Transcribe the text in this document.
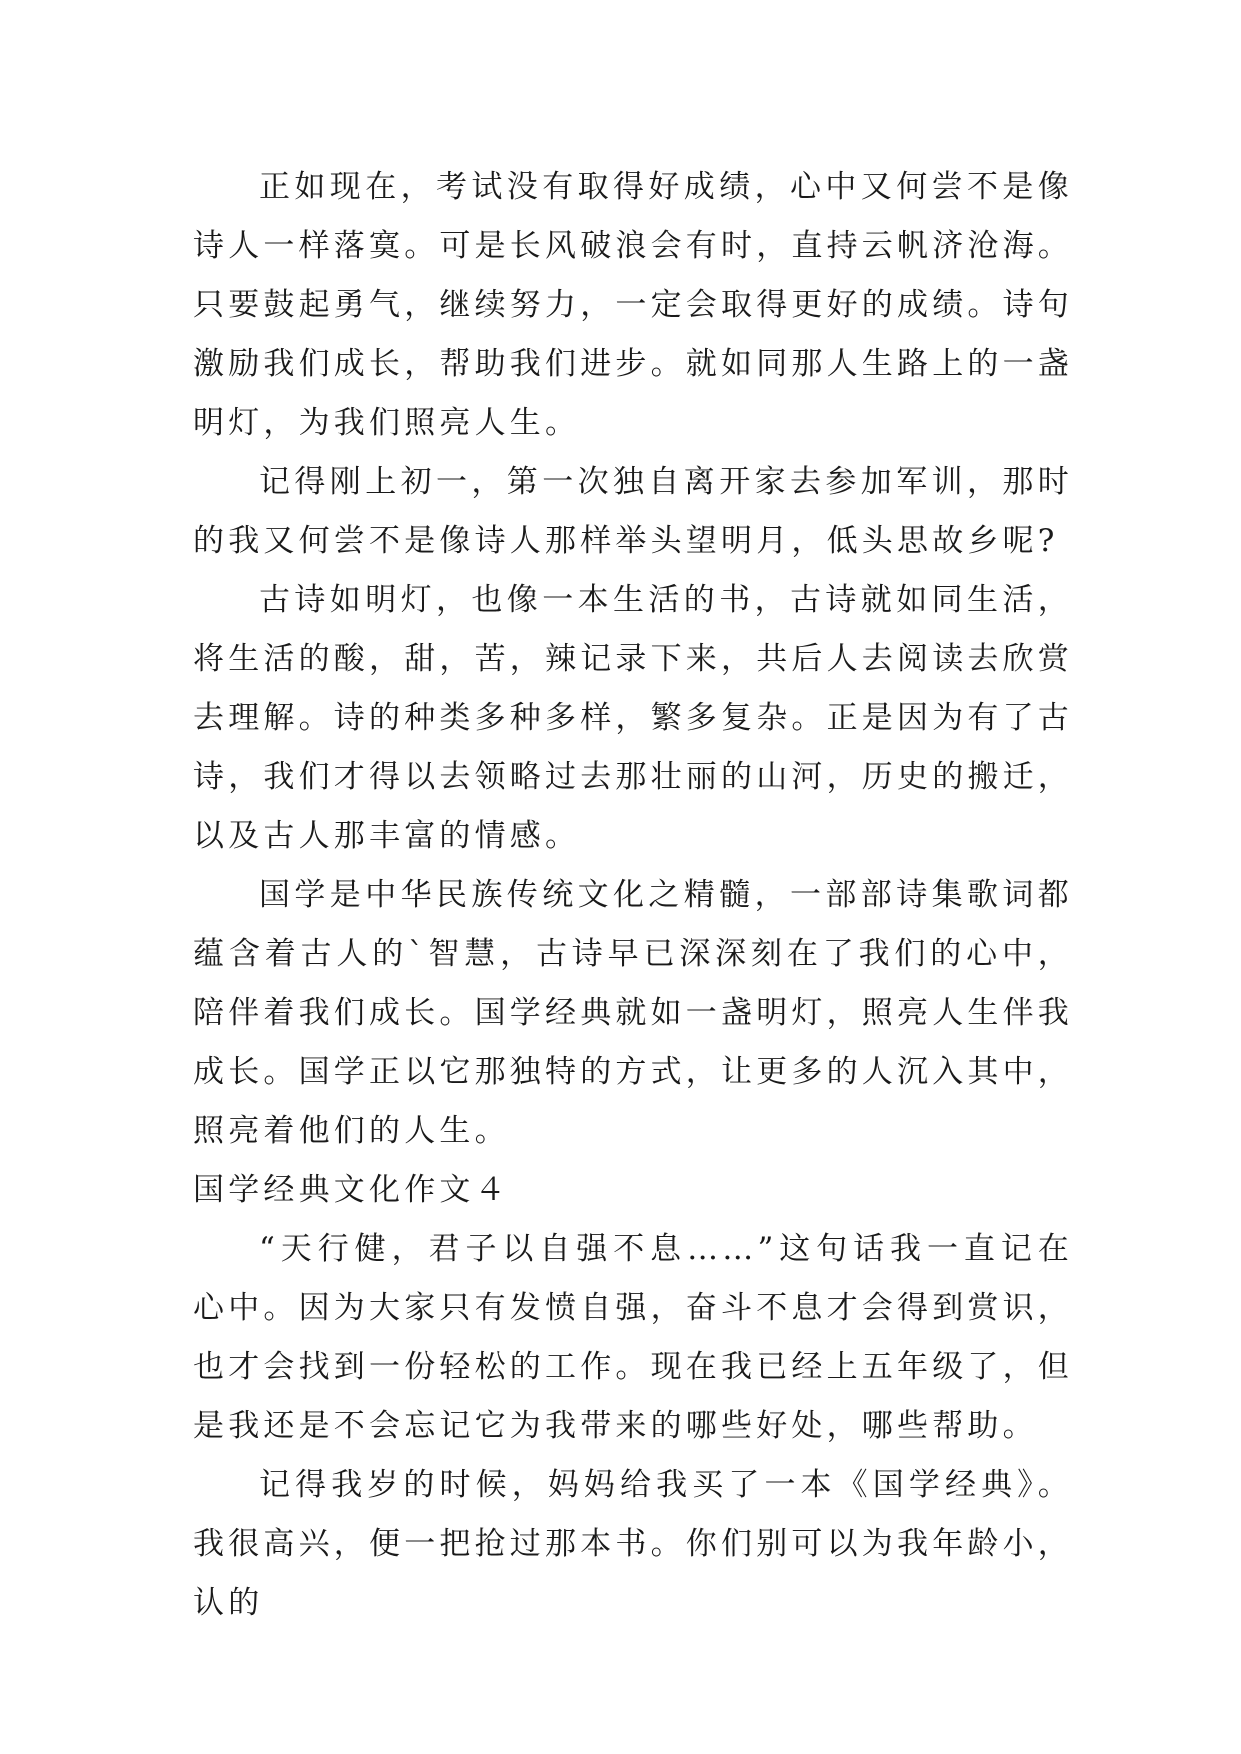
正如现在，考试没有取得好成绩，心中又何尝不是像诗人一样落寞。可是长风破浪会有时，直持云帆济沧海。只要鼓起勇气，继续努力，一定会取得更好的成绩。诗句激励我们成长，帮助我们进步。就如同那人生路上的一盏明灯，为我们照亮人生。

记得刚上初一，第一次独自离开家去参加军训，那时的我又何尝不是像诗人那样举头望明月，低头思故乡呢?

古诗如明灯，也像一本生活的书，古诗就如同生活，将生活的酸，甜，苦，辣记录下来，共后人去阅读去欣赏去理解。诗的种类多种多样，繁多复杂。正是因为有了古诗，我们才得以去领略过去那壮丽的山河，历史的搬迁，以及古人那丰富的情感。

国学是中华民族传统文化之精髓，一部部诗集歌词都蕴含着古人的`智慧，古诗早已深深刻在了我们的心中，陪伴着我们成长。国学经典就如一盏明灯，照亮人生伴我成长。国学正以它那独特的方式，让更多的人沉入其中，照亮着他们的人生。

国学经典文化作文４

“天行健，君子以自强不息……”这句话我一直记在心中。因为大家只有发愤自强，奋斗不息才会得到赏识，也才会找到一份轻松的工作。现在我已经上五年级了，但是我还是不会忘记它为我带来的哪些好处，哪些帮助。

记得我岁的时候，妈妈给我买了一本《国学经典》。我很高兴，便一把抢过那本书。你们别可以为我年龄小，认的
